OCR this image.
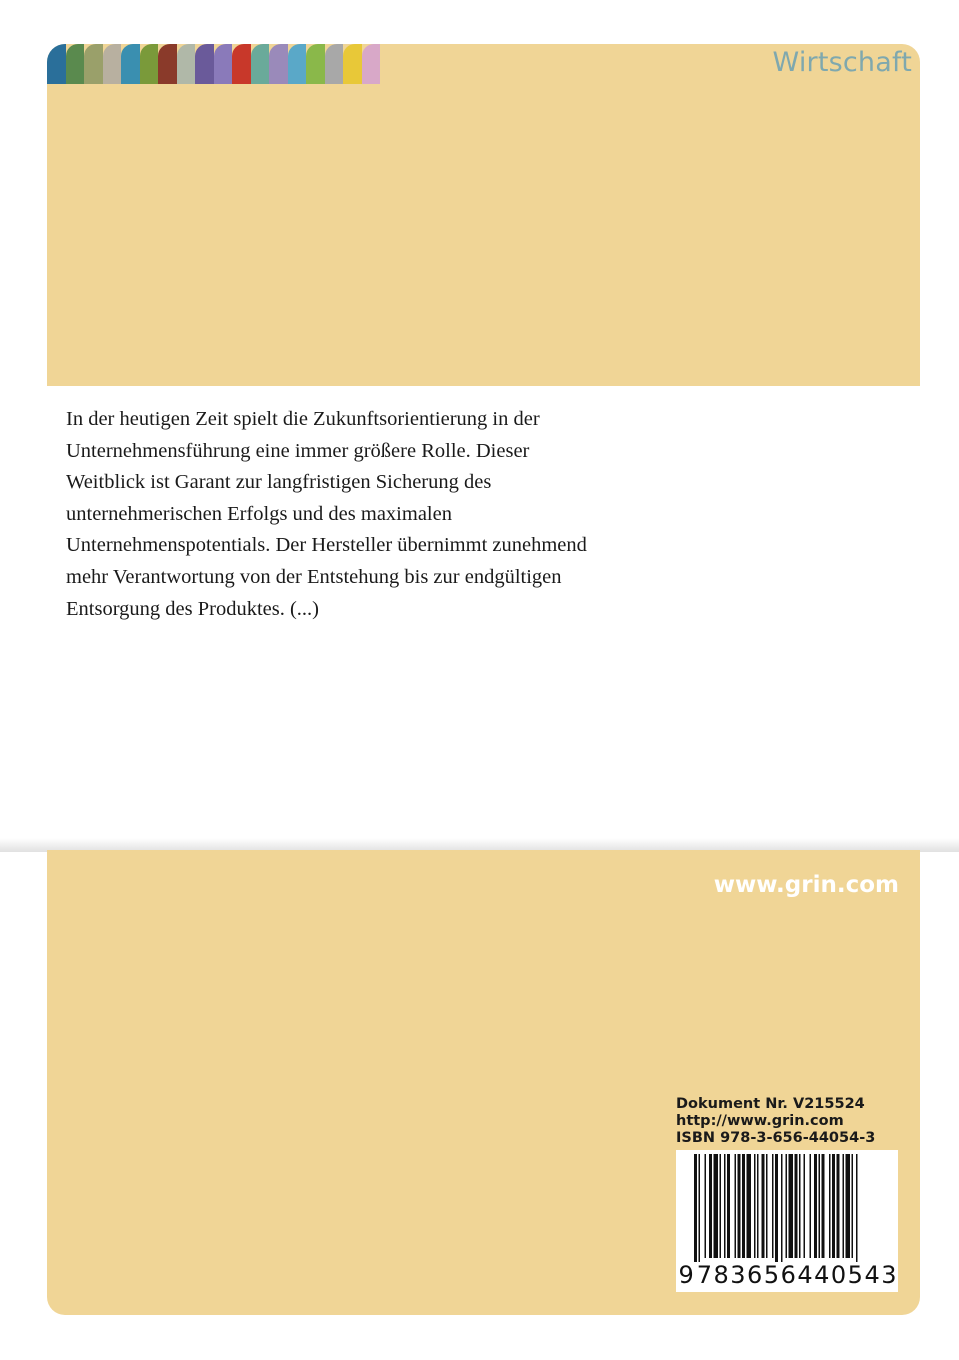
Wirtschaft
In der heutigen Zeit spielt die Zukunftsorientierung in der
Unternehmensführung eine immer größere Rolle. Dieser
Weitblick ist Garant zur langfristigen Sicherung des
unternehmerischen Erfolgs und des maximalen
Unternehmenspotentials. Der Hersteller übernimmt zunehmend
mehr Verantwortung von der Entstehung bis zur endgültigen
Entsorgung des Produktes. (...)
www.grin.com
Dokument Nr. V215524
http://www.grin.com
ISBN 978-3-656-44054-3
9 783656 440543
